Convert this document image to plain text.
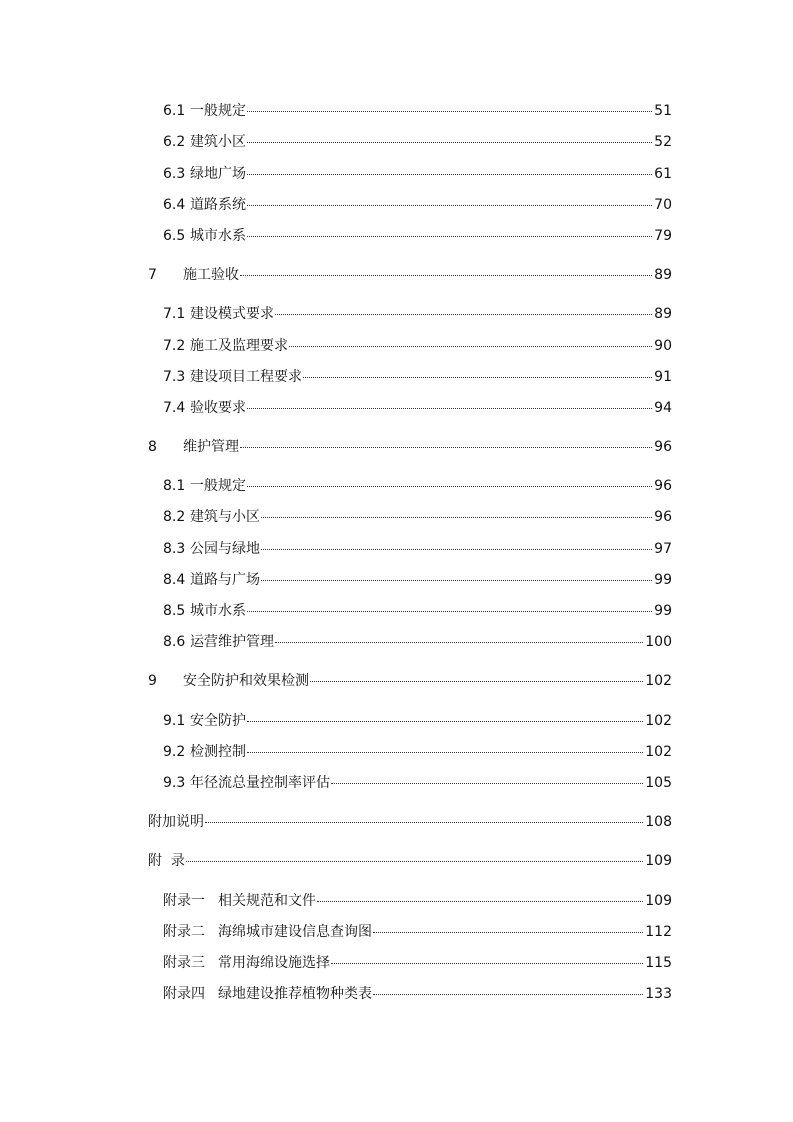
6.1 一般规定	51
6.2 建筑小区	52
6.3 绿地广场	61
6.4 道路系统	70
6.5 城市水系	79
7	施工验收	89
7.1 建设模式要求	89
7.2 施工及监理要求	90
7.3 建设项目工程要求	91
7.4 验收要求	94
8	维护管理	96
8.1 一般规定	96
8.2 建筑与小区	96
8.3 公园与绿地	97
8.4 道路与广场	99
8.5 城市水系	99
8.6 运营维护管理	100
9	安全防护和效果检测	102
9.1 安全防护	102
9.2 检测控制	102
9.3 年径流总量控制率评估	105
附加说明	108
附  录	109
附录一 相关规范和文件	109
附录二 海绵城市建设信息查询图	112
附录三 常用海绵设施选择	115
附录四 绿地建设推荐植物种类表	133
